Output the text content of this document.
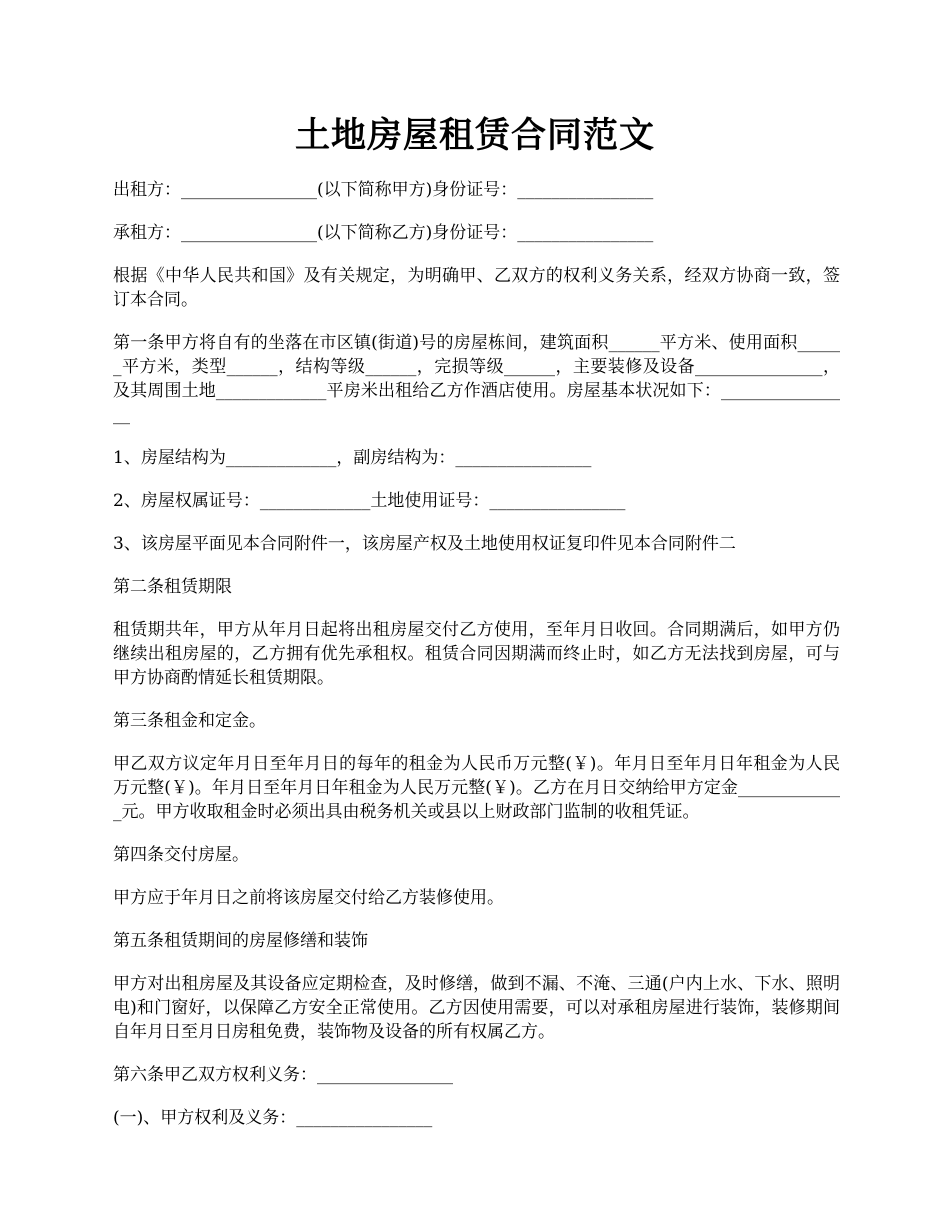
土地房屋租赁合同范文

出租方：________________(以下简称甲方)身份证号：________________

承租方：________________(以下简称乙方)身份证号：________________

根据《中华人民共和国》及有关规定，为明确甲、乙双方的权利义务关系，经双方协商一致，签订本合同。

第一条甲方将自有的坐落在市区镇(街道)号的房屋栋间，建筑面积______平方米、使用面积______平方米，类型______，结构等级______，完损等级______，主要装修及设备_______________，及其周围土地_____________平房米出租给乙方作酒店使用。房屋基本状况如下：________________

1、房屋结构为_____________，副房结构为：________________

2、房屋权属证号：_____________土地使用证号：________________

3、该房屋平面见本合同附件一，该房屋产权及土地使用权证复印件见本合同附件二

第二条租赁期限

租赁期共年，甲方从年月日起将出租房屋交付乙方使用，至年月日收回。合同期满后，如甲方仍继续出租房屋的，乙方拥有优先承租权。租赁合同因期满而终止时，如乙方无法找到房屋，可与甲方协商酌情延长租赁期限。

第三条租金和定金。

甲乙双方议定年月日至年月日的每年的租金为人民币万元整(￥)。年月日至年月日年租金为人民万元整(￥)。年月日至年月日年租金为人民万元整(￥)。乙方在月日交纳给甲方定金_____________元。甲方收取租金时必须出具由税务机关或县以上财政部门监制的收租凭证。

第四条交付房屋。

甲方应于年月日之前将该房屋交付给乙方装修使用。

第五条租赁期间的房屋修缮和装饰

甲方对出租房屋及其设备应定期检查，及时修缮，做到不漏、不淹、三通(户内上水、下水、照明电)和门窗好，以保障乙方安全正常使用。乙方因使用需要，可以对承租房屋进行装饰，装修期间自年月日至月日房租免费，装饰物及设备的所有权属乙方。

第六条甲乙双方权利义务：________________

(一)、甲方权利及义务：________________
